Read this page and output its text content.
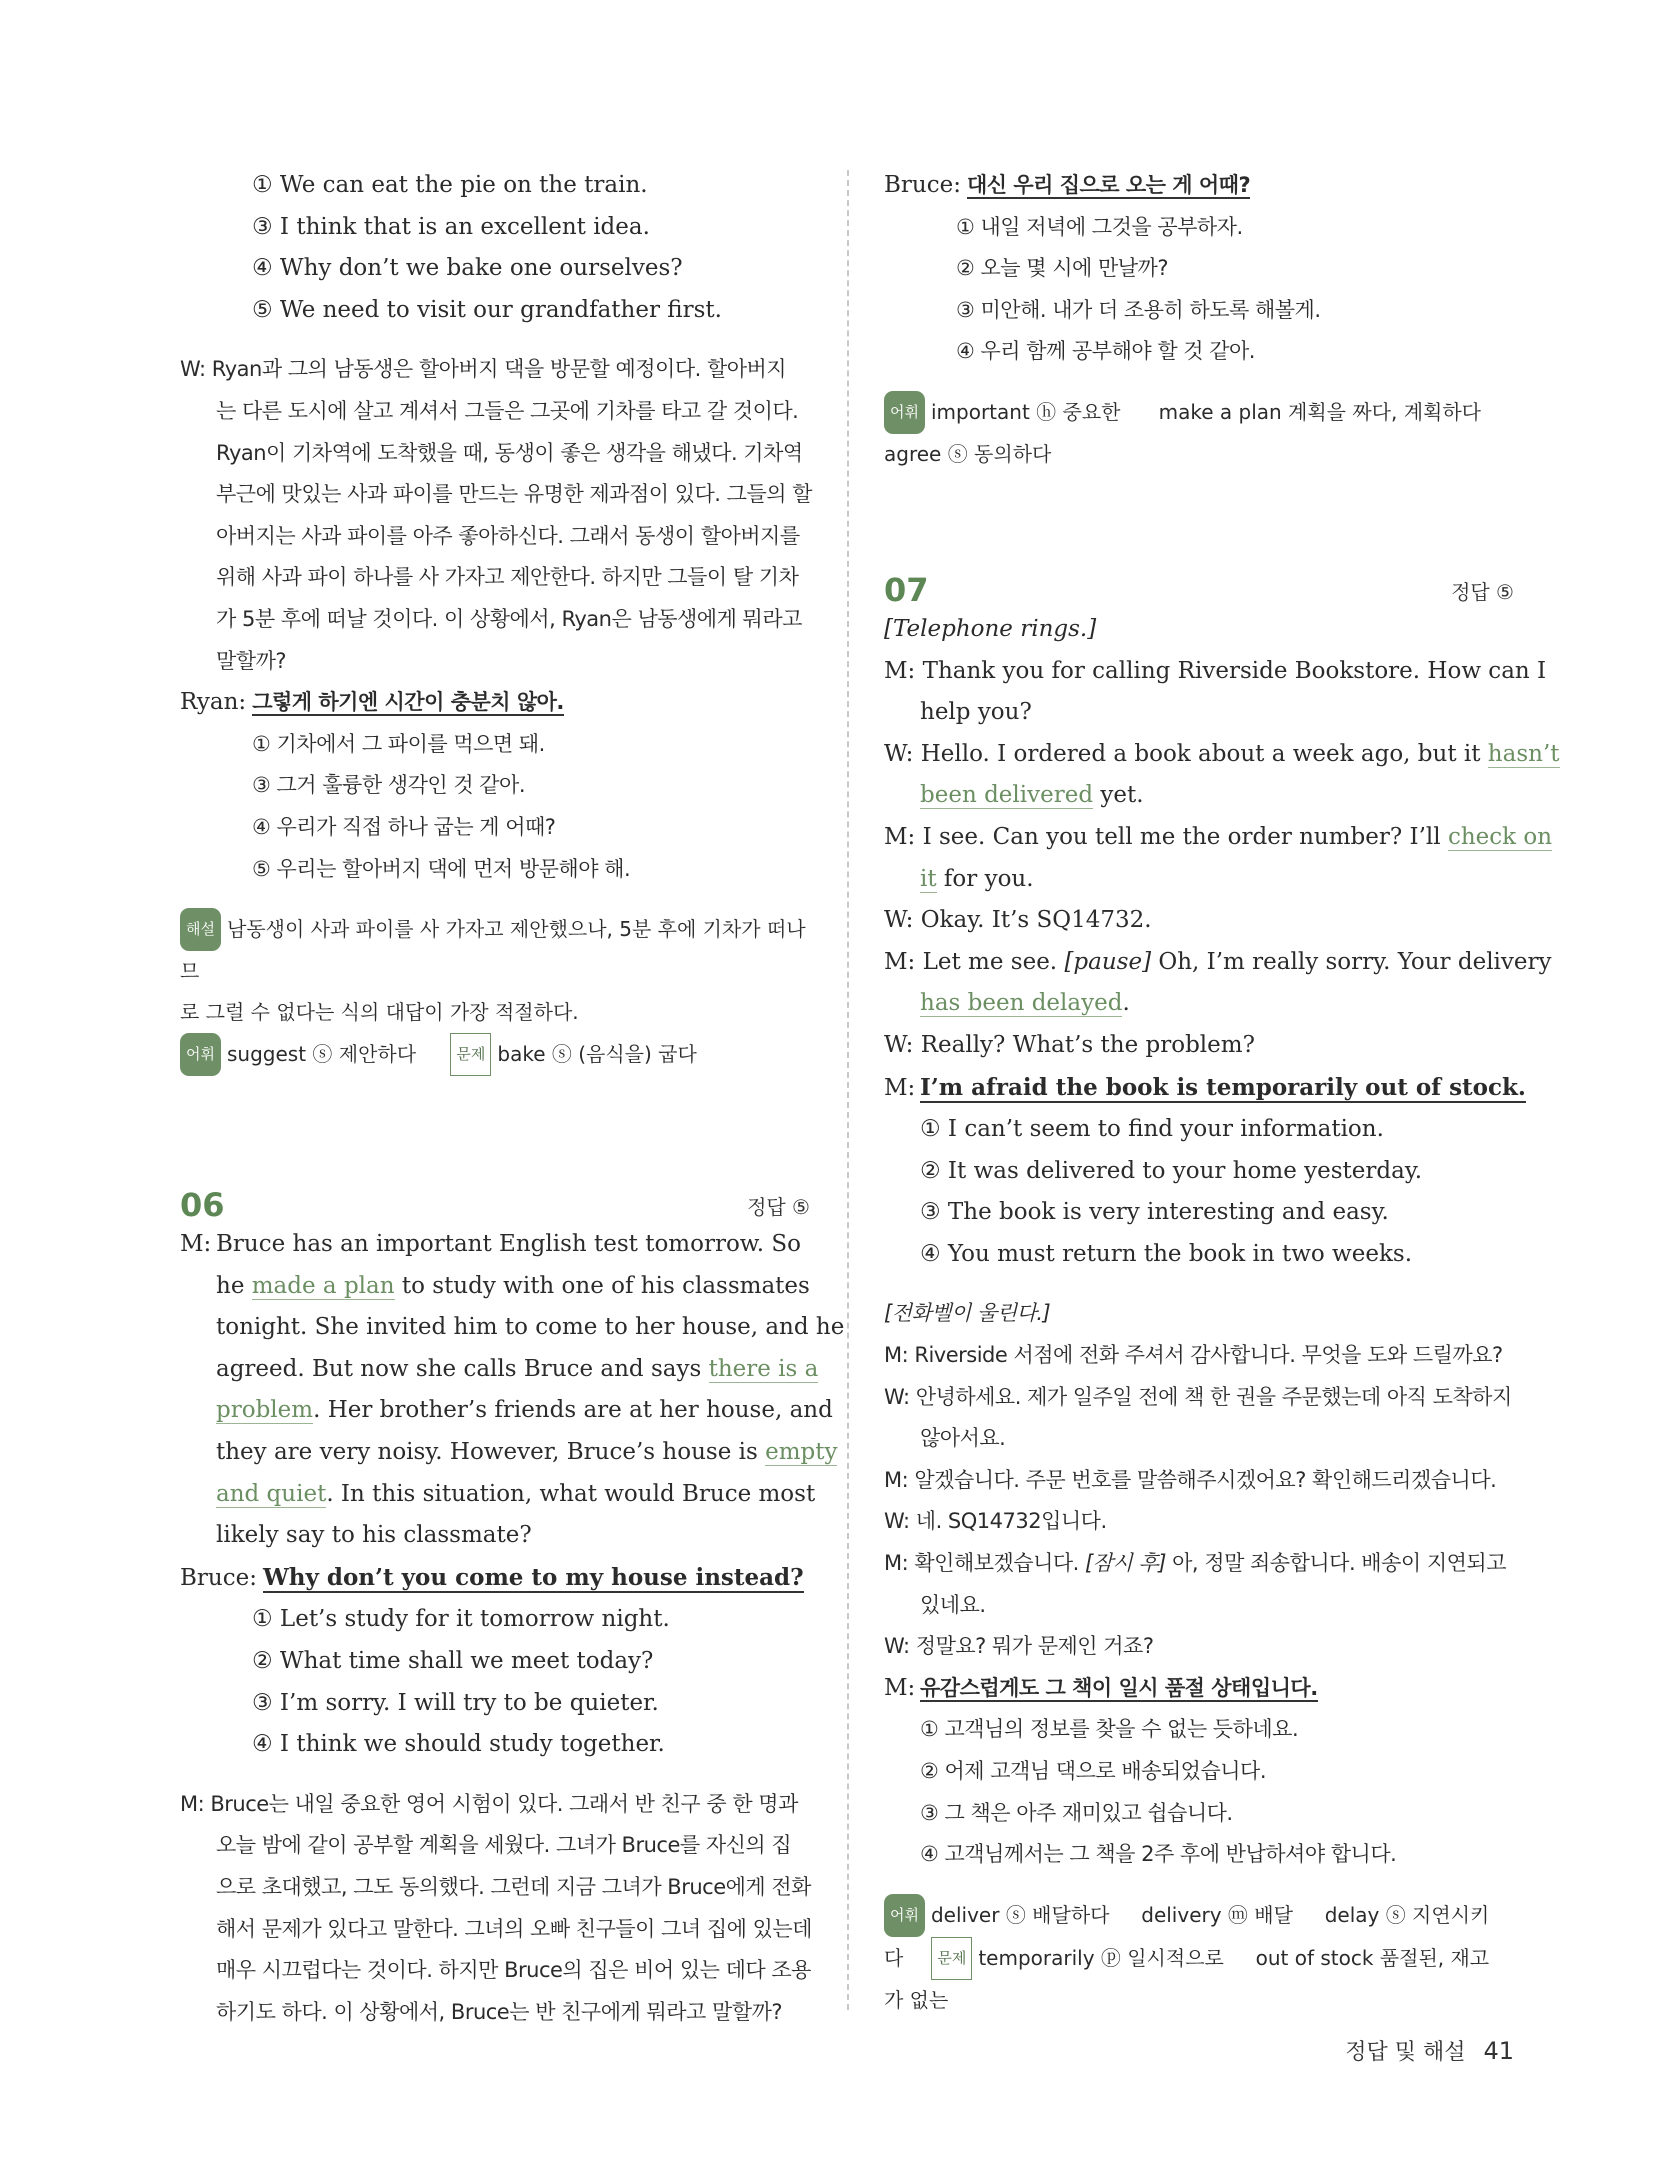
① We can eat the pie on the train.
③ I think that is an excellent idea.
④ Why don’t we bake one ourselves?
⑤ We need to visit our grandfather first.
W: Ryan과 그의 남동생은 할아버지 댁을 방문할 예정이다. 할아버지
는 다른 도시에 살고 계셔서 그들은 그곳에 기차를 타고 갈 것이다.
Ryan이 기차역에 도착했을 때, 동생이 좋은 생각을 해냈다. 기차역
부근에 맛있는 사과 파이를 만드는 유명한 제과점이 있다. 그들의 할
아버지는 사과 파이를 아주 좋아하신다. 그래서 동생이 할아버지를
위해 사과 파이 하나를 사 가자고 제안한다. 하지만 그들이 탈 기차
가 5분 후에 떠날 것이다. 이 상황에서, Ryan은 남동생에게 뭐라고
말할까?
Ryan: 그렇게 하기엔 시간이 충분치 않아.
① 기차에서 그 파이를 먹으면 돼.
③ 그거 훌륭한 생각인 것 같아.
④ 우리가 직접 하나 굽는 게 어때?
⑤ 우리는 할아버지 댁에 먼저 방문해야 해.
해설 남동생이 사과 파이를 사 가자고 제안했으나, 5분 후에 기차가 떠나므
로 그럴 수 없다는 식의 대답이 가장 적절하다.
어휘 suggest ⓢ 제안하다	문제 bake ⓢ (음식을) 굽다
06	정답 ⑤
M: Bruce has an important English test tomorrow. So
he made a plan to study with one of his classmates
tonight. She invited him to come to her house, and he
agreed. But now she calls Bruce and says there is a
problem. Her brother’s friends are at her house, and
they are very noisy. However, Bruce’s house is empty
and quiet. In this situation, what would Bruce most
likely say to his classmate?
Bruce: Why don’t you come to my house instead?
① Let’s study for it tomorrow night.
② What time shall we meet today?
③ I’m sorry. I will try to be quieter.
④ I think we should study together.
M: Bruce는 내일 중요한 영어 시험이 있다. 그래서 반 친구 중 한 명과
오늘 밤에 같이 공부할 계획을 세웠다. 그녀가 Bruce를 자신의 집
으로 초대했고, 그도 동의했다. 그런데 지금 그녀가 Bruce에게 전화
해서 문제가 있다고 말한다. 그녀의 오빠 친구들이 그녀 집에 있는데
매우 시끄럽다는 것이다. 하지만 Bruce의 집은 비어 있는 데다 조용
하기도 하다. 이 상황에서, Bruce는 반 친구에게 뭐라고 말할까?
Bruce: 대신 우리 집으로 오는 게 어때?
① 내일 저녁에 그것을 공부하자.
② 오늘 몇 시에 만날까?
③ 미안해. 내가 더 조용히 하도록 해볼게.
④ 우리 함께 공부해야 할 것 같아.
어휘 important ⓗ 중요한      make a plan 계획을 짜다, 계획하다
agree ⓢ 동의하다
07	정답 ⑤
[Telephone rings.]
M: Thank you for calling Riverside Bookstore. How can I
help you?
W: Hello. I ordered a book about a week ago, but it hasn’t
been delivered yet.
M: I see. Can you tell me the order number? I’ll check on
it for you.
W: Okay. It’s SQ14732.
M: Let me see. [pause] Oh, I’m really sorry. Your delivery
has been delayed.
W: Really? What’s the problem?
M: I’m afraid the book is temporarily out of stock.
① I can’t seem to find your information.
② It was delivered to your home yesterday.
③ The book is very interesting and easy.
④ You must return the book in two weeks.
[전화벨이 울린다.]
M: Riverside 서점에 전화 주셔서 감사합니다. 무엇을 도와 드릴까요?
W: 안녕하세요. 제가 일주일 전에 책 한 권을 주문했는데 아직 도착하지
않아서요.
M: 알겠습니다. 주문 번호를 말씀해주시겠어요? 확인해드리겠습니다.
W: 네. SQ14732입니다.
M: 확인해보겠습니다. [잠시 후] 아, 정말 죄송합니다. 배송이 지연되고
있네요.
W: 정말요? 뭐가 문제인 거죠?
M: 유감스럽게도 그 책이 일시 품절 상태입니다.
① 고객님의 정보를 찾을 수 없는 듯하네요.
② 어제 고객님 댁으로 배송되었습니다.
③ 그 책은 아주 재미있고 쉽습니다.
④ 고객님께서는 그 책을 2주 후에 반납하셔야 합니다.
어휘 deliver ⓢ 배달하다     delivery ⓜ 배달     delay ⓢ 지연시키
다 문제 temporarily ⓟ 일시적으로     out of stock 품절된, 재고
가 없는
정답 및 해설 41
